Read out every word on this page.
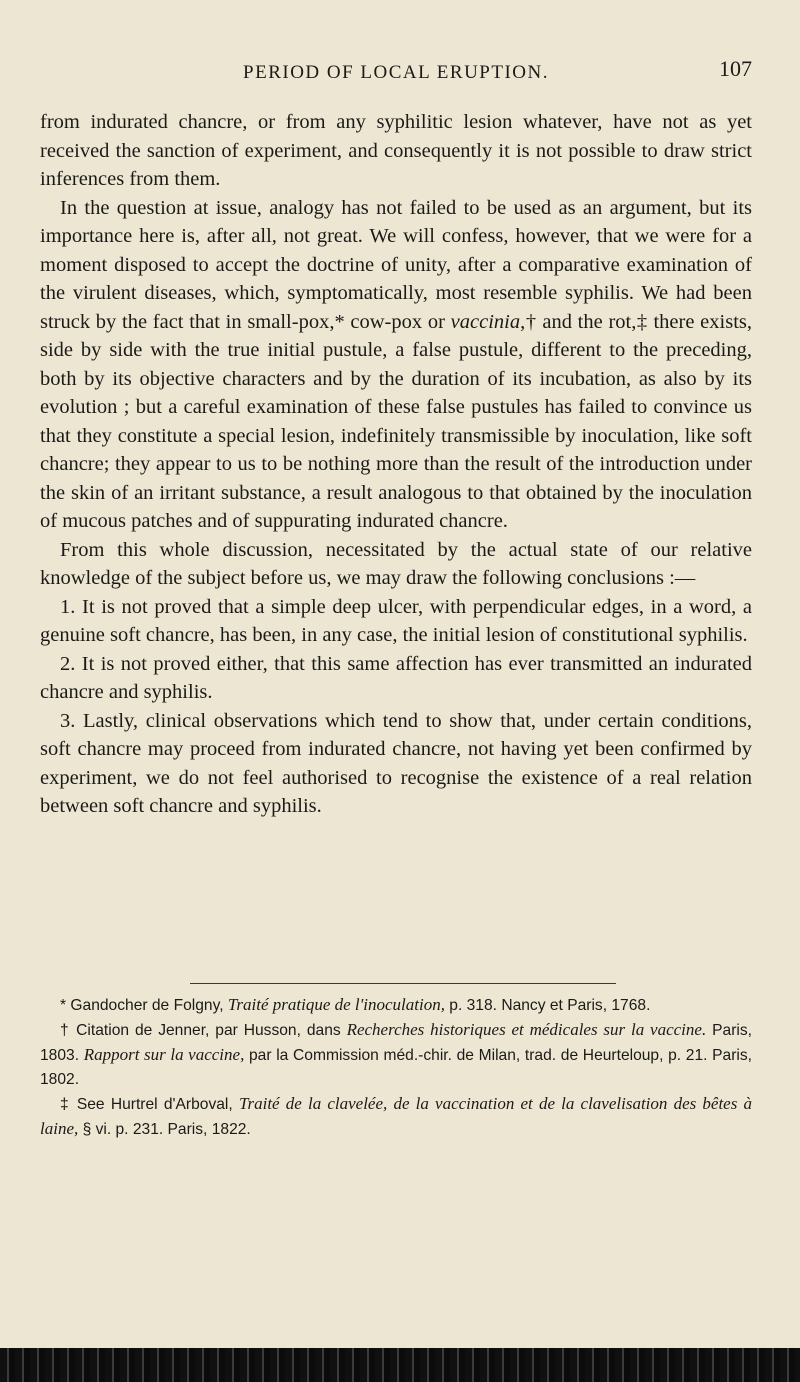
PERIOD OF LOCAL ERUPTION.	107

from indurated chancre, or from any syphilitic lesion whatever, have not as yet received the sanction of experiment, and consequently it is not possible to draw strict inferences from them.

In the question at issue, analogy has not failed to be used as an argument, but its importance here is, after all, not great. We will confess, however, that we were for a moment disposed to accept the doctrine of unity, after a comparative examination of the virulent diseases, which, symptomatically, most resemble syphilis. We had been struck by the fact that in small-pox,* cow-pox or vaccinia,† and the rot,‡ there exists, side by side with the true initial pustule, a false pustule, different to the preceding, both by its objective characters and by the duration of its incubation, as also by its evolution ; but a careful examination of these false pustules has failed to convince us that they constitute a special lesion, indefinitely transmissible by inoculation, like soft chancre; they appear to us to be nothing more than the result of the introduction under the skin of an irritant substance, a result analogous to that obtained by the inoculation of mucous patches and of suppurating indurated chancre.

From this whole discussion, necessitated by the actual state of our relative knowledge of the subject before us, we may draw the following conclusions :—

1. It is not proved that a simple deep ulcer, with perpendicular edges, in a word, a genuine soft chancre, has been, in any case, the initial lesion of constitutional syphilis.

2. It is not proved either, that this same affection has ever transmitted an indurated chancre and syphilis.

3. Lastly, clinical observations which tend to show that, under certain conditions, soft chancre may proceed from indurated chancre, not having yet been confirmed by experiment, we do not feel authorised to recognise the existence of a real relation between soft chancre and syphilis.

* Gandocher de Folgny, Traité pratique de l'inoculation, p. 318. Nancy et Paris, 1768.

† Citation de Jenner, par Husson, dans Recherches historiques et médicales sur la vaccine. Paris, 1803. Rapport sur la vaccine, par la Commission méd.-chir. de Milan, trad. de Heurteloup, p. 21. Paris, 1802.

‡ See Hurtrel d'Arboval, Traité de la clavelée, de la vaccination et de la clavelisation des bêtes à laine, § vi. p. 231. Paris, 1822.
